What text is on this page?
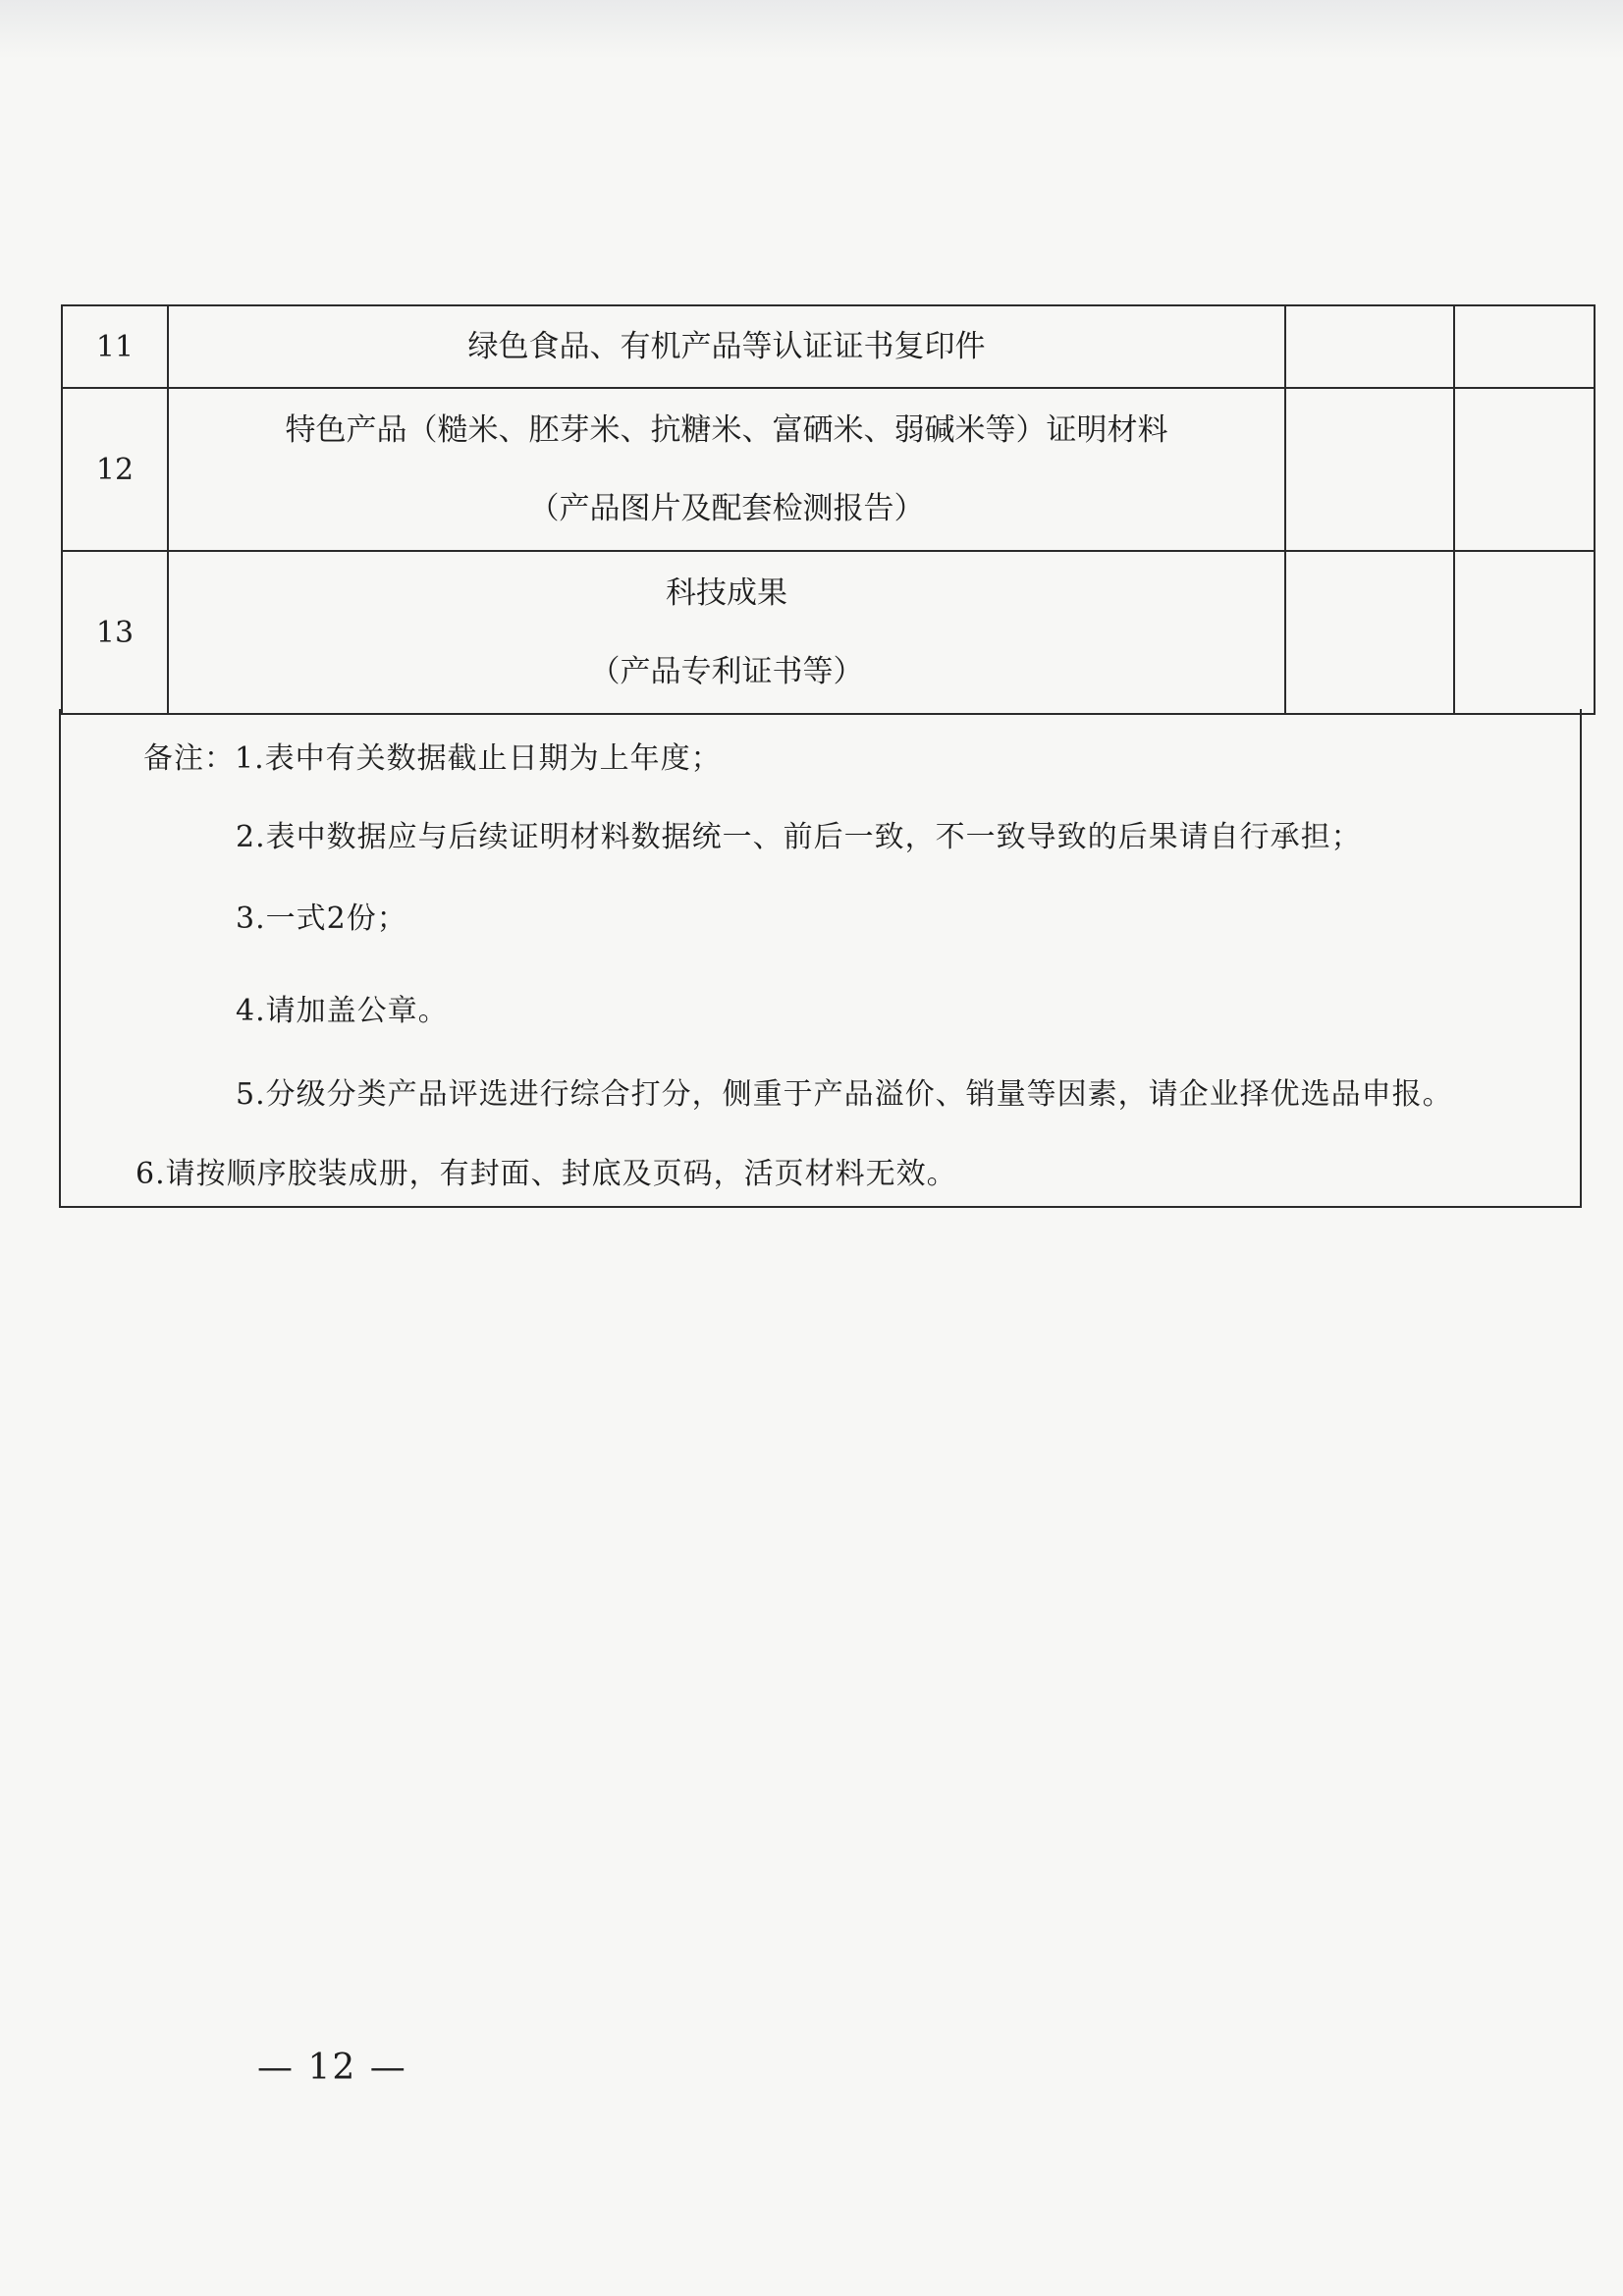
11	绿色食品、有机产品等认证证书复印件		

12	特色产品（糙米、胚芽米、抗糖米、富硒米、弱碱米等）证明材料
（产品图片及配套检测报告）		

13	科技成果
（产品专利证书等）		

备注：1.表中有关数据截止日期为上年度；
2.表中数据应与后续证明材料数据统一、前后一致，不一致导致的后果请自行承担；
3.一式2份；
4.请加盖公章。
5.分级分类产品评选进行综合打分，侧重于产品溢价、销量等因素，请企业择优选品申报。
6.请按顺序胶装成册，有封面、封底及页码，活页材料无效。
— 12 —
